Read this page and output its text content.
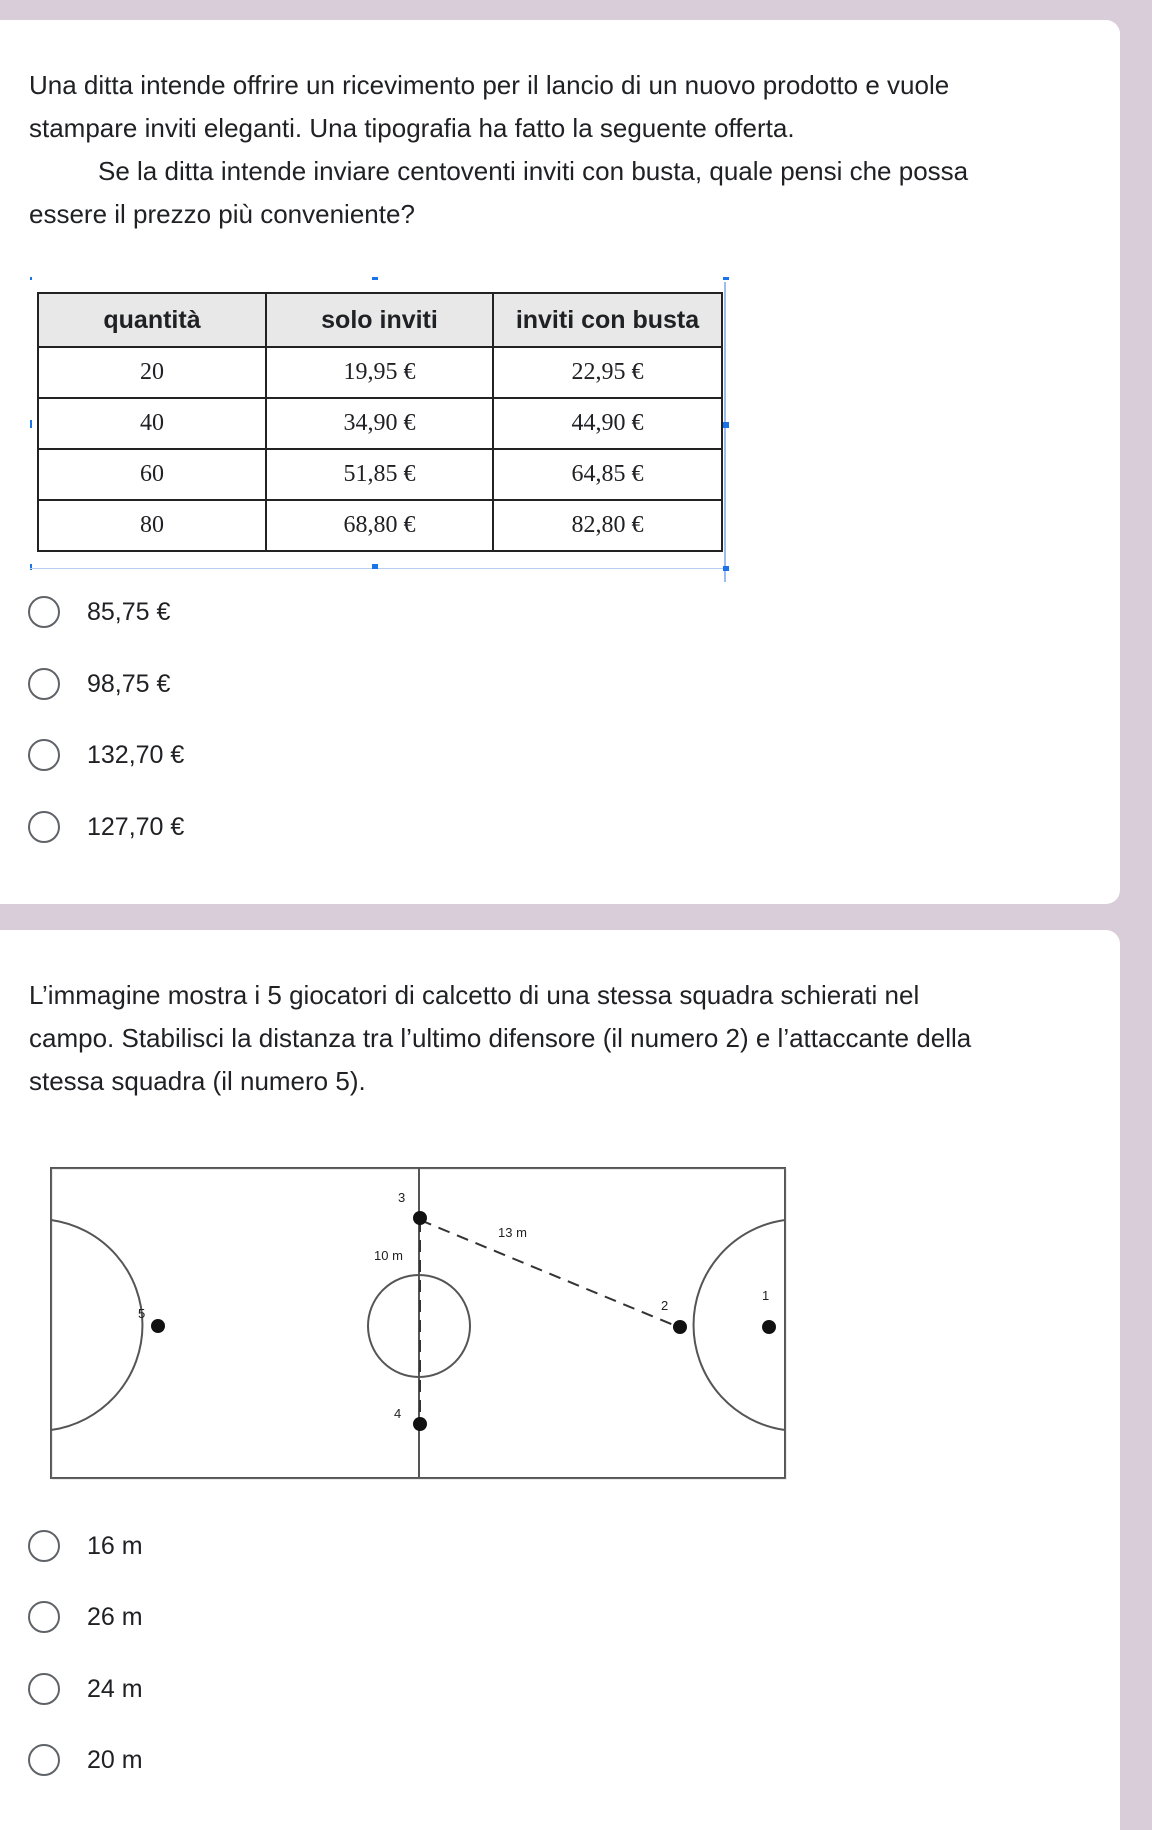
Una ditta intende offrire un ricevimento per il lancio di un nuovo prodotto e vuole
stampare inviti eleganti. Una tipografia ha fatto la seguente offerta.
Se la ditta intende inviare centoventi inviti con busta, quale pensi che possa
essere il prezzo più conveniente?
quantità	solo inviti	inviti con busta
20	19,95 €	22,95 €
40	34,90 €	44,90 €
60	51,85 €	64,85 €
80	68,80 €	82,80 €
85,75 €
98,75 €
132,70 €
127,70 €
L’immagine mostra i 5 giocatori di calcetto di una stessa squadra schierati nel
campo. Stabilisci la distanza tra l’ultimo difensore (il numero 2) e l’attaccante della
stessa squadra (il numero 5).
3
5
2
1
4
13 m
10 m
16 m
26 m
24 m
20 m
